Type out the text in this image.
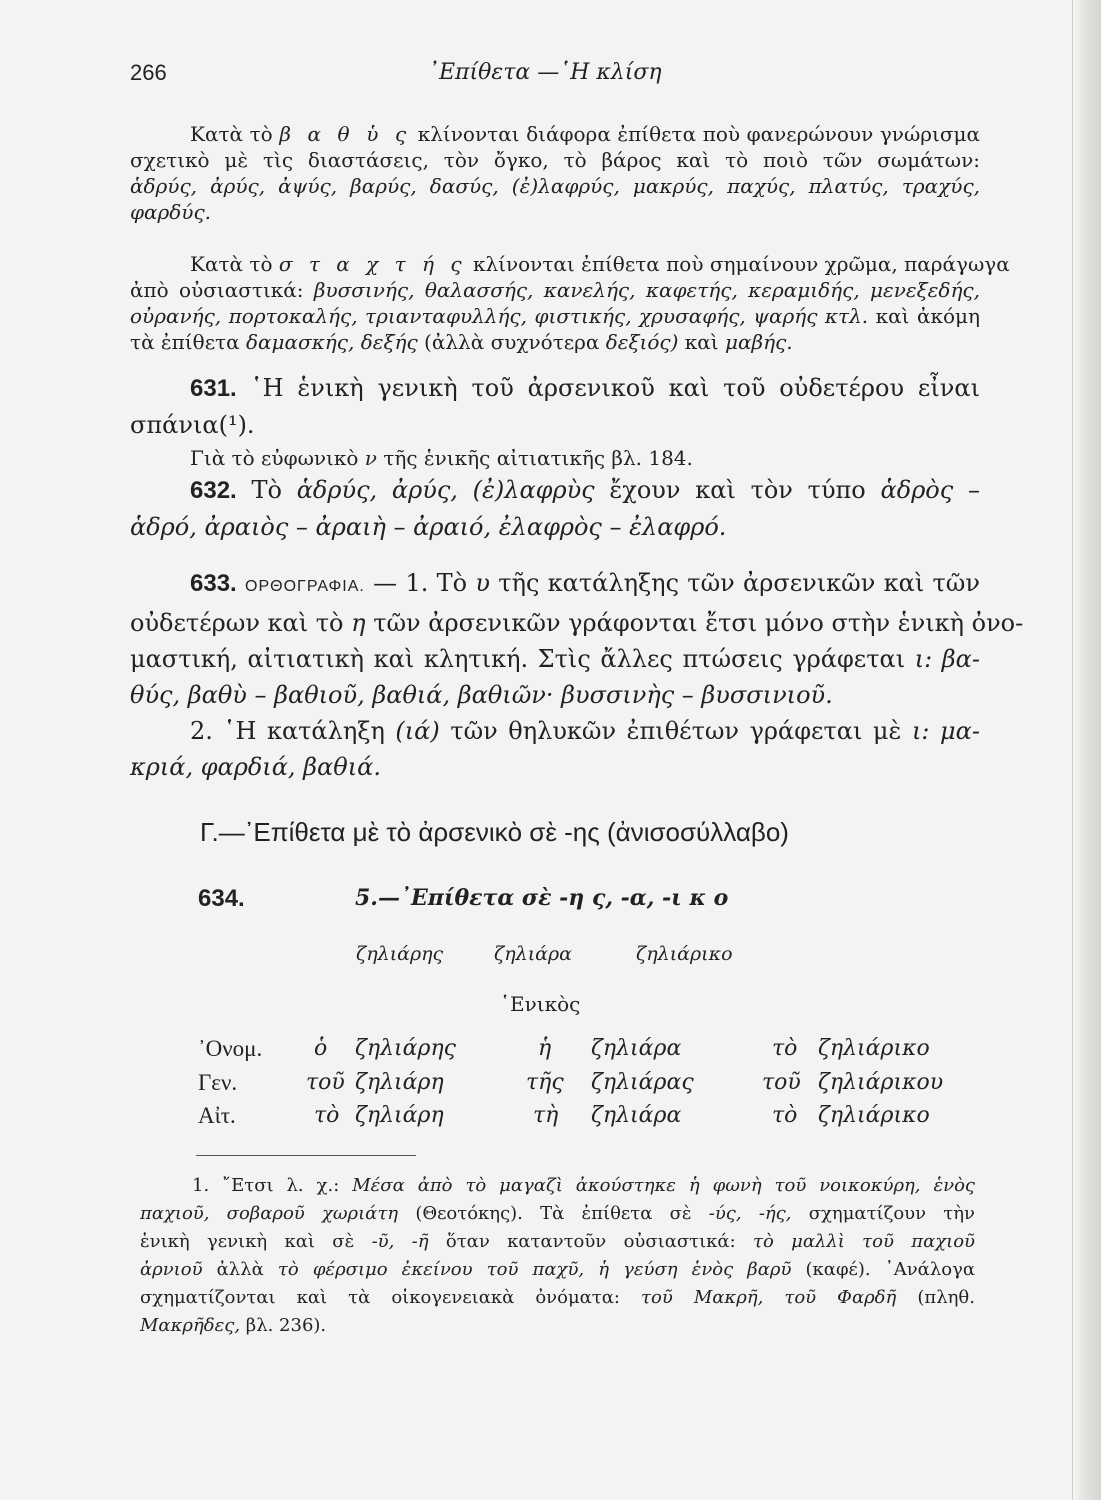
266	᾿Επίθετα —῾Η κλίση
Κατὰ τὸ β α θ ὑ ς κλίνονται διάφορα ἐπίθετα ποὺ φανερώνουν γνώρισμα
σχετικὸ μὲ τὶς διαστάσεις, τὸν ὄγκο, τὸ βάρος καὶ τὸ ποιὸ τῶν σωμάτων:
ἁδρύς, ἀρύς, ἀψύς, βαρύς, δασύς, (ἐ)λαφρύς, μακρύς, παχύς, πλατύς, τραχύς,
φαρδύς.
Κατὰ τὸ σ τ α χ τ ή ς κλίνονται ἐπίθετα ποὺ σημαίνουν χρῶμα, παράγωγα
ἀπὸ οὐσιαστικά: βυσσινής, θαλασσής, κανελής, καφετής, κεραμιδής, μενεξεδής,
οὐρανής, πορτοκαλής, τριανταφυλλής, φιστικής, χρυσαφής, ψαρής κτλ. καὶ ἀκόμη
τὰ ἐπίθετα δαμασκής, δεξής (ἀλλὰ συχνότερα δεξιός) καὶ μαβής.
631. ῾Η ἑνικὴ γενικὴ τοῦ ἀρσενικοῦ καὶ τοῦ οὐδετέρου εἶναι
σπάνια(¹).
Γιὰ τὸ εὐφωνικὸ ν τῆς ἑνικῆς αἰτιατικῆς βλ. 184.
632. Τὸ ἁδρύς, ἀρύς, (ἐ)λαφρὺς ἔχουν καὶ τὸν τύπο ἁδρὸς –
ἁδρό, ἀραιὸς – ἀραιὴ – ἀραιό, ἐλαφρὸς – ἐλαφρό.
633. ΟΡΘΟΓΡΑΦΙΑ. — 1. Τὸ υ τῆς κατάληξης τῶν ἀρσενικῶν καὶ τῶν
οὐδετέρων καὶ τὸ η τῶν ἀρσενικῶν γράφονται ἔτσι μόνο στὴν ἑνικὴ ὀνο-
μαστική, αἰτιατικὴ καὶ κλητική. Στὶς ἄλλες πτώσεις γράφεται ι: βα-
θύς, βαθὺ – βαθιοῦ, βαθιά, βαθιῶν· βυσσινὴς – βυσσινιοῦ.
2. ῾Η κατάληξη (ιά) τῶν θηλυκῶν ἐπιθέτων γράφεται μὲ ι: μα-
κριά, φαρδιά, βαθιά.
Γ.—᾿Επίθετα μὲ τὸ ἀρσενικὸ σὲ -ης (ἀνισοσύλλαβο)
634.	5.—᾿Επίθετα σὲ -η ς, -α, -ι κ ο
ζηλιάρης	ζηλιάρα	ζηλιάρικο
῾Ενικὸς
᾿Ονομ. ὁ ζηλιάρης	ἡ ζηλιάρα	τὸ ζηλιάρικο
Γεν.	τοῦ ζηλιάρη	τῆς ζηλιάρας	τοῦ ζηλιάρικου
Αἰτ.	τὸ ζηλιάρη	τὴ ζηλιάρα	τὸ ζηλιάρικο
1. ῎Ετσι λ. χ.: Μέσα ἀπὸ τὸ μαγαζὶ ἀκούστηκε ἡ φωνὴ τοῦ νοικοκύρη, ἑνὸς
παχιοῦ, σοβαροῦ χωριάτη (Θεοτόκης). Τὰ ἐπίθετα σὲ -ύς, -ής, σχηματίζουν τὴν
ἑνικὴ γενικὴ καὶ σὲ -ῦ, -ῆ ὅταν καταντοῦν οὐσιαστικά: τὸ μαλλὶ τοῦ παχιοῦ
ἀρνιοῦ ἀλλὰ τὸ φέρσιμο ἐκείνου τοῦ παχῦ, ἡ γεύση ἑνὸς βαρῦ (καφέ). ᾿Ανάλογα
σχηματίζονται καὶ τὰ οἰκογενειακὰ ὀνόματα: τοῦ Μακρῆ, τοῦ Φαρδῆ (πληθ.
Μακρῆδες, βλ. 236).
